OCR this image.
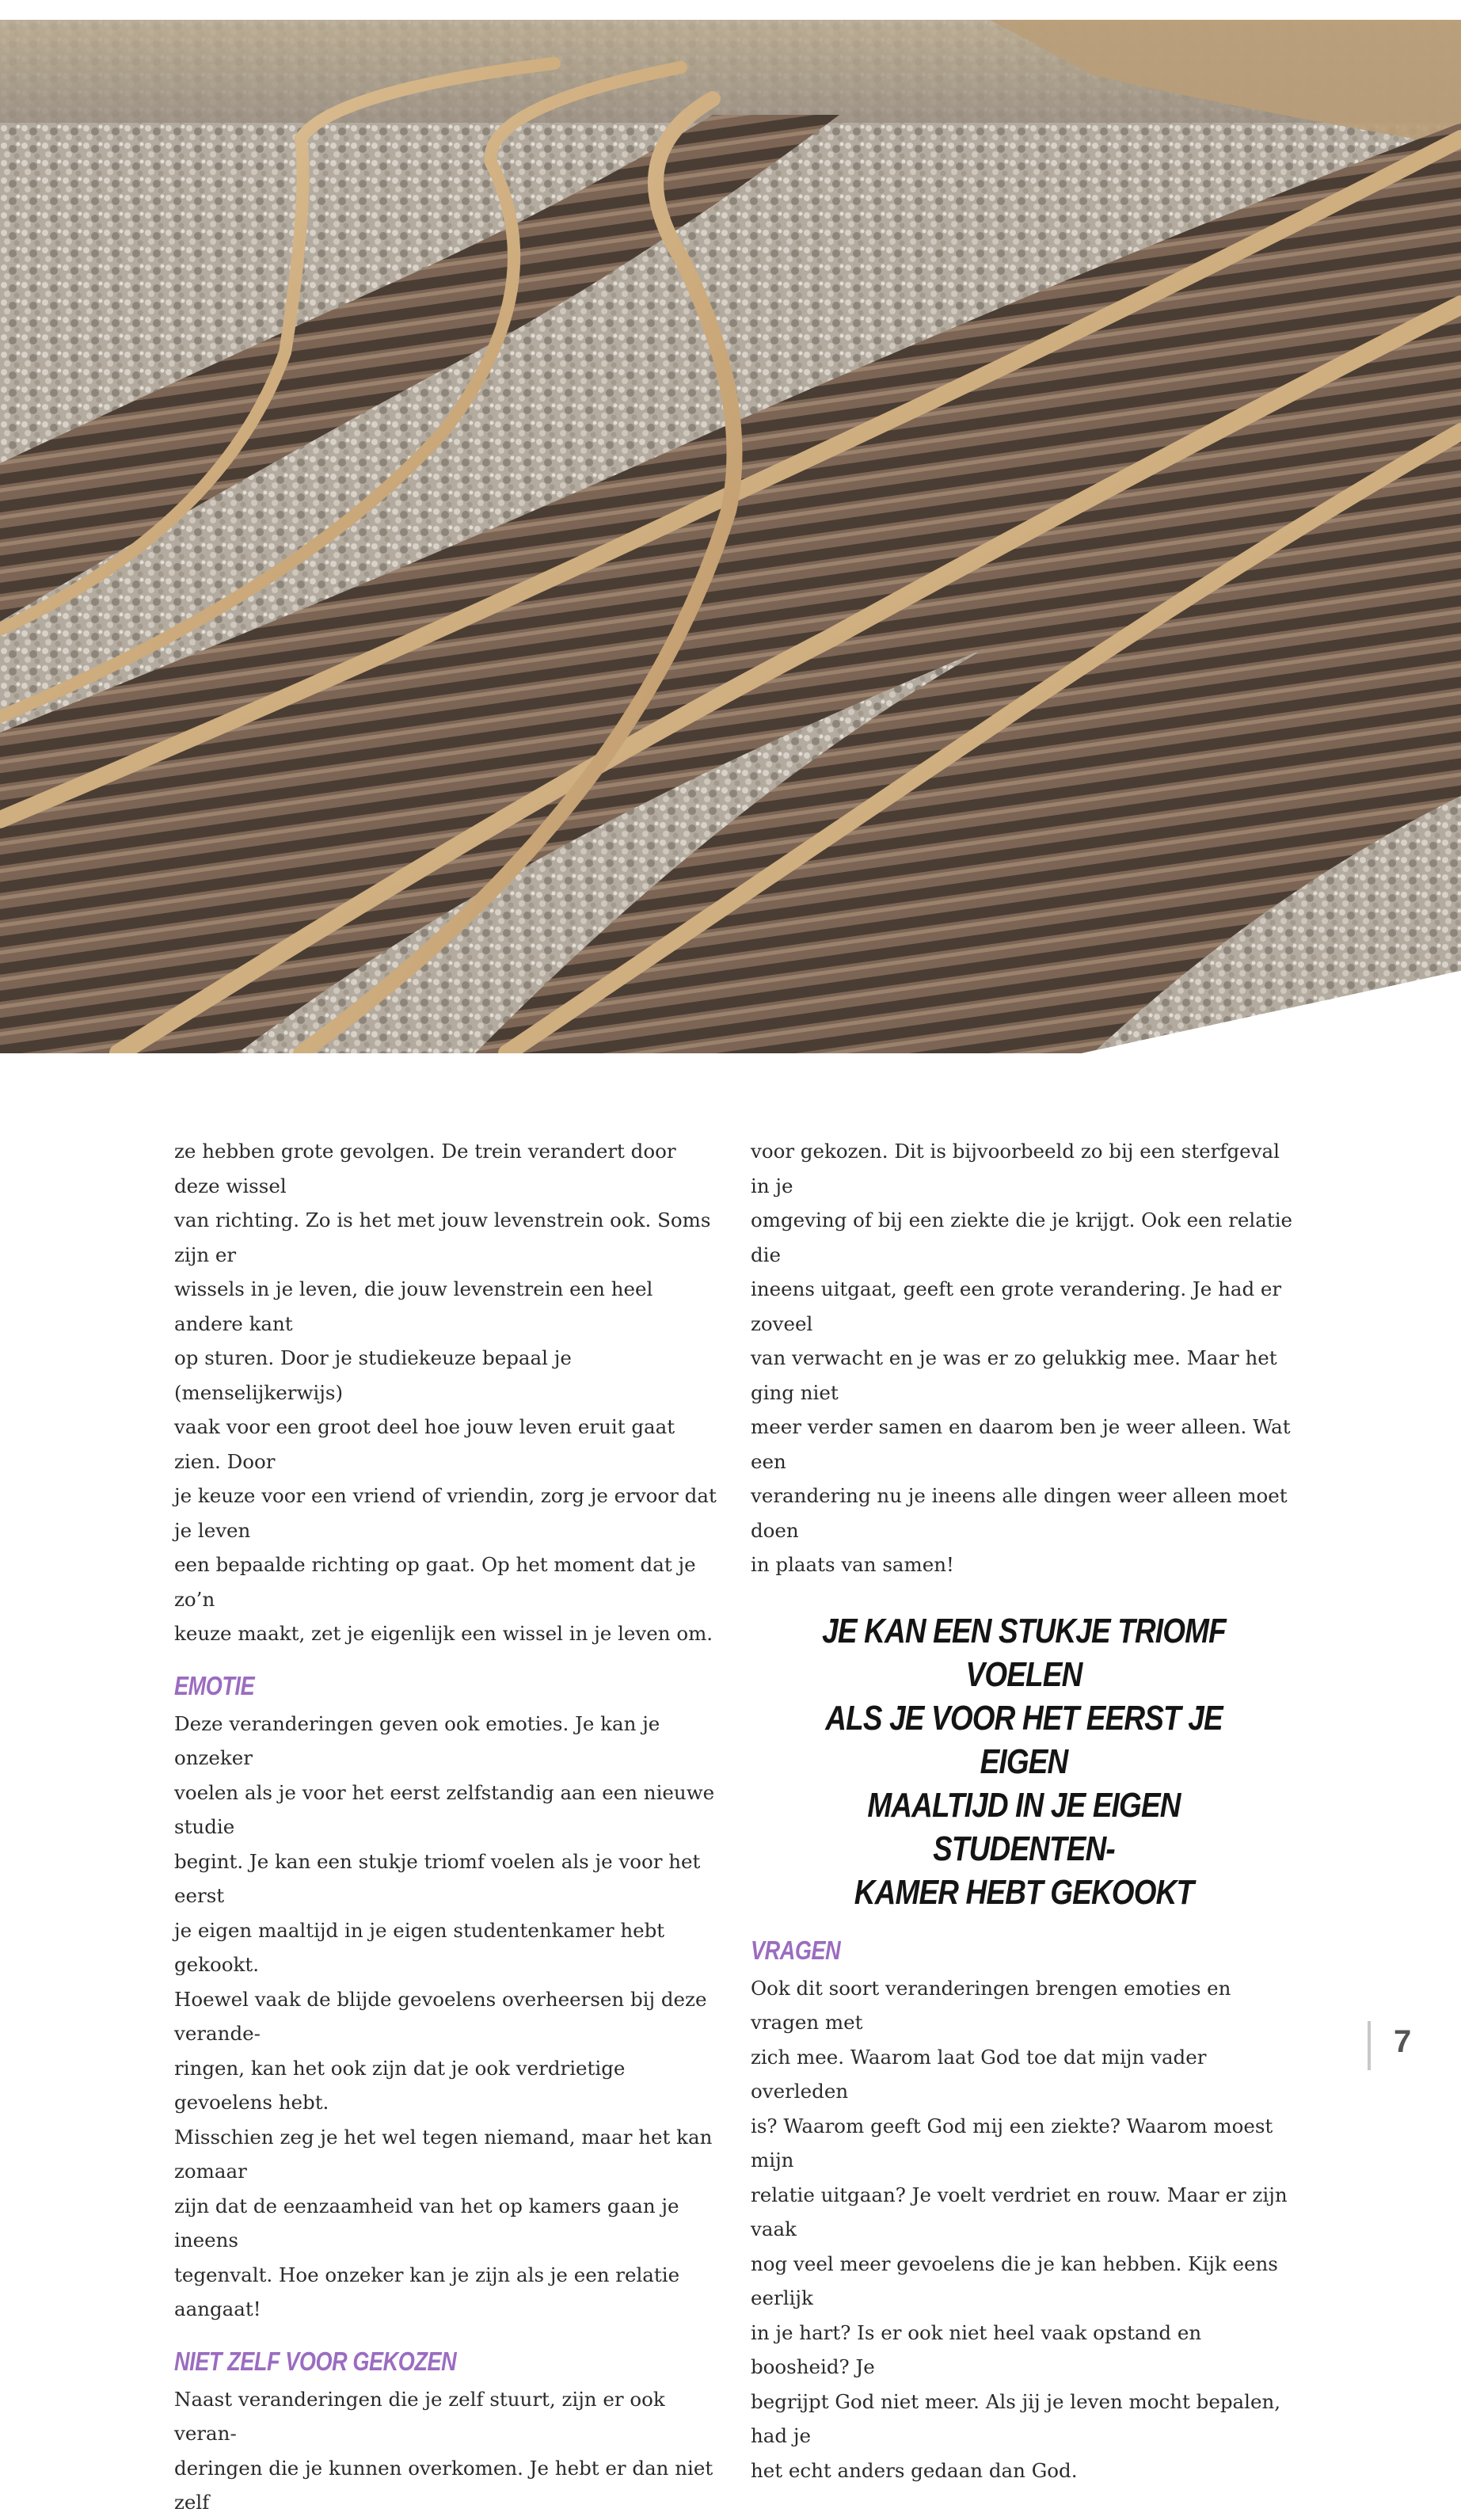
ze hebben grote gevolgen. De trein verandert door deze wissel

van richting. Zo is het met jouw levenstrein ook. Soms zijn er

wissels in je leven, die jouw levenstrein een heel andere kant

op sturen. Door je studiekeuze bepaal je (menselijkerwijs)

vaak voor een groot deel hoe jouw leven eruit gaat zien. Door

je keuze voor een vriend of vriendin, zorg je ervoor dat je leven

een bepaalde richting op gaat. Op het moment dat je zo’n

keuze maakt, zet je eigenlijk een wissel in je leven om.

EMOTIE

Deze veranderingen geven ook emoties. Je kan je onzeker

voelen als je voor het eerst zelfstandig aan een nieuwe studie

begint. Je kan een stukje triomf voelen als je voor het eerst

je eigen maaltijd in je eigen studentenkamer hebt gekookt.

Hoewel vaak de blijde gevoelens overheersen bij deze verande-

ringen, kan het ook zijn dat je ook verdrietige gevoelens hebt.

Misschien zeg je het wel tegen niemand, maar het kan zomaar

zijn dat de eenzaamheid van het op kamers gaan je ineens

tegenvalt. Hoe onzeker kan je zijn als je een relatie aangaat!

NIET ZELF VOOR GEKOZEN

Naast veranderingen die je zelf stuurt, zijn er ook veran-

deringen die je kunnen overkomen. Je hebt er dan niet zelf

voor gekozen. Dit is bijvoorbeeld zo bij een sterfgeval in je

omgeving of bij een ziekte die je krijgt. Ook een relatie die

ineens uitgaat, geeft een grote verandering. Je had er zoveel

van verwacht en je was er zo gelukkig mee. Maar het ging niet

meer verder samen en daarom ben je weer alleen. Wat een

verandering nu je ineens alle dingen weer alleen moet doen

in plaats van samen!

JE KAN EEN STUKJE TRIOMF VOELEN
ALS JE VOOR HET EERST JE EIGEN
MAALTIJD IN JE EIGEN STUDENTEN-
KAMER HEBT GEKOOKT
VRAGEN

Ook dit soort veranderingen brengen emoties en vragen met

zich mee. Waarom laat God toe dat mijn vader overleden

is? Waarom geeft God mij een ziekte? Waarom moest mijn

relatie uitgaan? Je voelt verdriet en rouw. Maar er zijn vaak

nog veel meer gevoelens die je kan hebben. Kijk eens eerlijk

in je hart? Is er ook niet heel vaak opstand en boosheid? Je

begrijpt God niet meer. Als jij je leven mocht bepalen, had je

het echt anders gedaan dan God.

7
